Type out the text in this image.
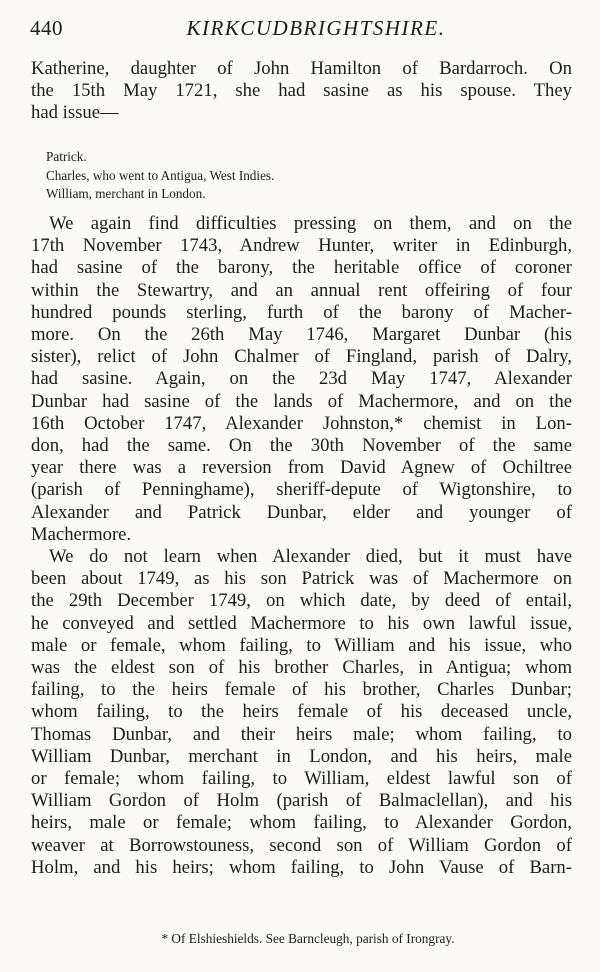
440	KIRKCUDBRIGHTSHIRE.
Katherine, daughter of John Hamilton of Bardarroch. On
the 15th May 1721, she had sasine as his spouse. They
had issue—
Patrick.
Charles, who went to Antigua, West Indies.
William, merchant in London.
We again find difficulties pressing on them, and on the
17th November 1743, Andrew Hunter, writer in Edinburgh,
had sasine of the barony, the heritable office of coroner
within the Stewartry, and an annual rent offeiring of four
hundred pounds sterling, furth of the barony of Macher-
more. On the 26th May 1746, Margaret Dunbar (his
sister), relict of John Chalmer of Fingland, parish of Dalry,
had sasine. Again, on the 23d May 1747, Alexander
Dunbar had sasine of the lands of Machermore, and on the
16th October 1747, Alexander Johnston,* chemist in Lon-
don, had the same. On the 30th November of the same
year there was a reversion from David Agnew of Ochiltree
(parish of Penninghame), sheriff-depute of Wigtonshire, to
Alexander and Patrick Dunbar, elder and younger of
Machermore.
We do not learn when Alexander died, but it must have
been about 1749, as his son Patrick was of Machermore on
the 29th December 1749, on which date, by deed of entail,
he conveyed and settled Machermore to his own lawful issue,
male or female, whom failing, to William and his issue, who
was the eldest son of his brother Charles, in Antigua; whom
failing, to the heirs female of his brother, Charles Dunbar;
whom failing, to the heirs female of his deceased uncle,
Thomas Dunbar, and their heirs male; whom failing, to
William Dunbar, merchant in London, and his heirs, male
or female; whom failing, to William, eldest lawful son of
William Gordon of Holm (parish of Balmaclellan), and his
heirs, male or female; whom failing, to Alexander Gordon,
weaver at Borrowstouness, second son of William Gordon of
Holm, and his heirs; whom failing, to John Vause of Barn-
* Of Elshieshields. See Barncleugh, parish of Irongray.
